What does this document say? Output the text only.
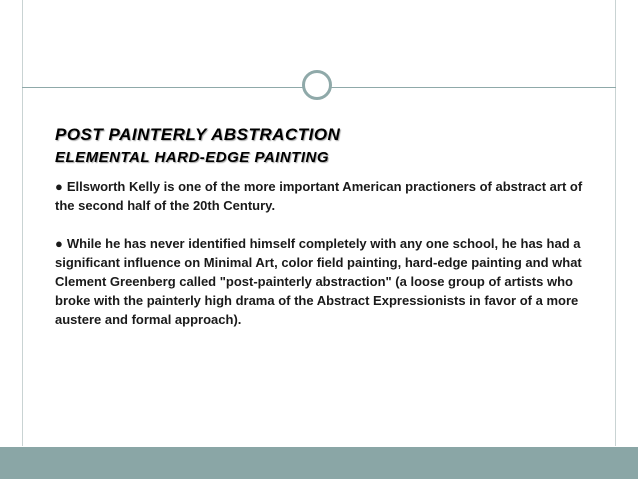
POST PAINTERLY ABSTRACTION
ELEMENTAL HARD-EDGE PAINTING

● Ellsworth Kelly is one of the more important American practioners of abstract art of the second half of the 20th Century.

● While he has never identified himself completely with any one school, he has had a significant influence on Minimal Art, color field painting, hard-edge painting and what Clement Greenberg called "post-painterly abstraction" (a loose group of artists who broke with the painterly high drama of the Abstract Expressionists in favor of a more austere and formal approach).
